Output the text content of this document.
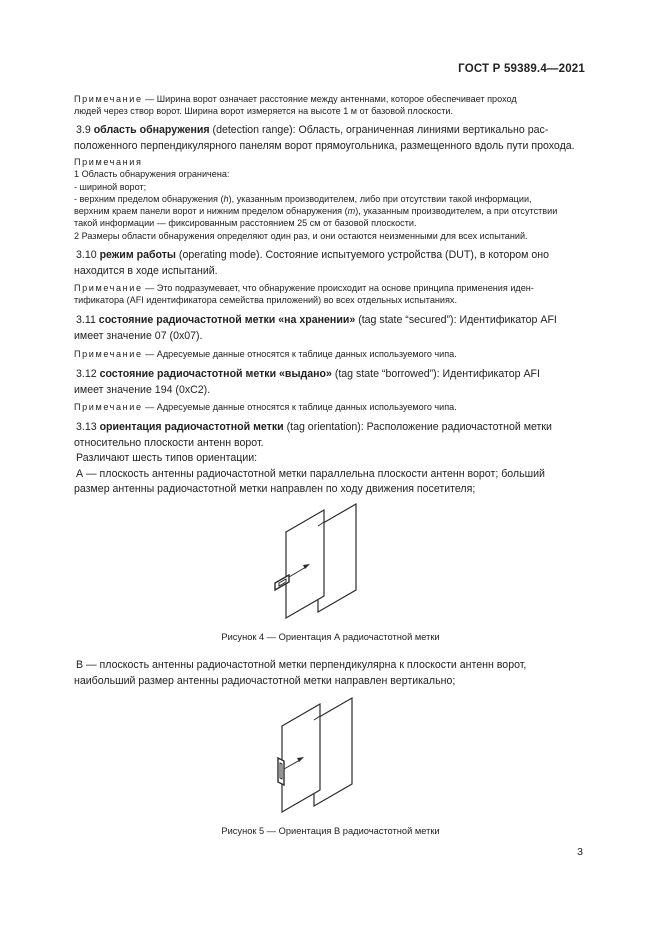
ГОСТ Р 59389.4—2021
Примечание — Ширина ворот означает расстояние между антеннами, которое обеспечивает проход
людей через створ ворот. Ширина ворот измеряется на высоте 1 м от базовой плоскости.
3.9 область обнаружения (detection range): Область, ограниченная линиями вертикально рас-
положенного перпендикулярного панелям ворот прямоугольника, размещенного вдоль пути прохода.
Примечания
1 Область обнаружения ограничена:
- шириной ворот;
- верхним пределом обнаружения (h), указанным производителем, либо при отсутствии такой информации,
верхним краем панели ворот и нижним пределом обнаружения (m), указанным производителем, а при отсутствии
такой информации — фиксированным расстоянием 25 см от базовой плоскости.
2 Размеры области обнаружения определяют один раз, и они остаются неизменными для всех испытаний.
3.10 режим работы (operating mode). Состояние испытуемого устройства (DUT), в котором оно
находится в ходе испытаний.
Примечание — Это подразумевает, что обнаружение происходит на основе принципа применения иден-
тификатора (AFI идентификатора семейства приложений) во всех отдельных испытаниях.
3.11 состояние радиочастотной метки «на хранении» (tag state “secured”): Идентификатор AFI
имеет значение 07 (0x07).
Примечание — Адресуемые данные относятся к таблице данных используемого чипа.
3.12 состояние радиочастотной метки «выдано» (tag state “borrowed”): Идентификатор AFI
имеет значение 194 (0xC2).
Примечание — Адресуемые данные относятся к таблице данных используемого чипа.
3.13 ориентация радиочастотной метки (tag orientation): Расположение радиочастотной метки
относительно плоскости антенн ворот.
Различают шесть типов ориентации:
А — плоскость антенны радиочастотной метки параллельна плоскости антенн ворот; больший
размер антенны радиочастотной метки направлен по ходу движения посетителя;
Рисунок 4 — Ориентация А радиочастотной метки
В — плоскость антенны радиочастотной метки перпендикулярна к плоскости антенн ворот,
наибольший размер антенны радиочастотной метки направлен вертикально;
Рисунок 5 — Ориентация В радиочастотной метки
3
